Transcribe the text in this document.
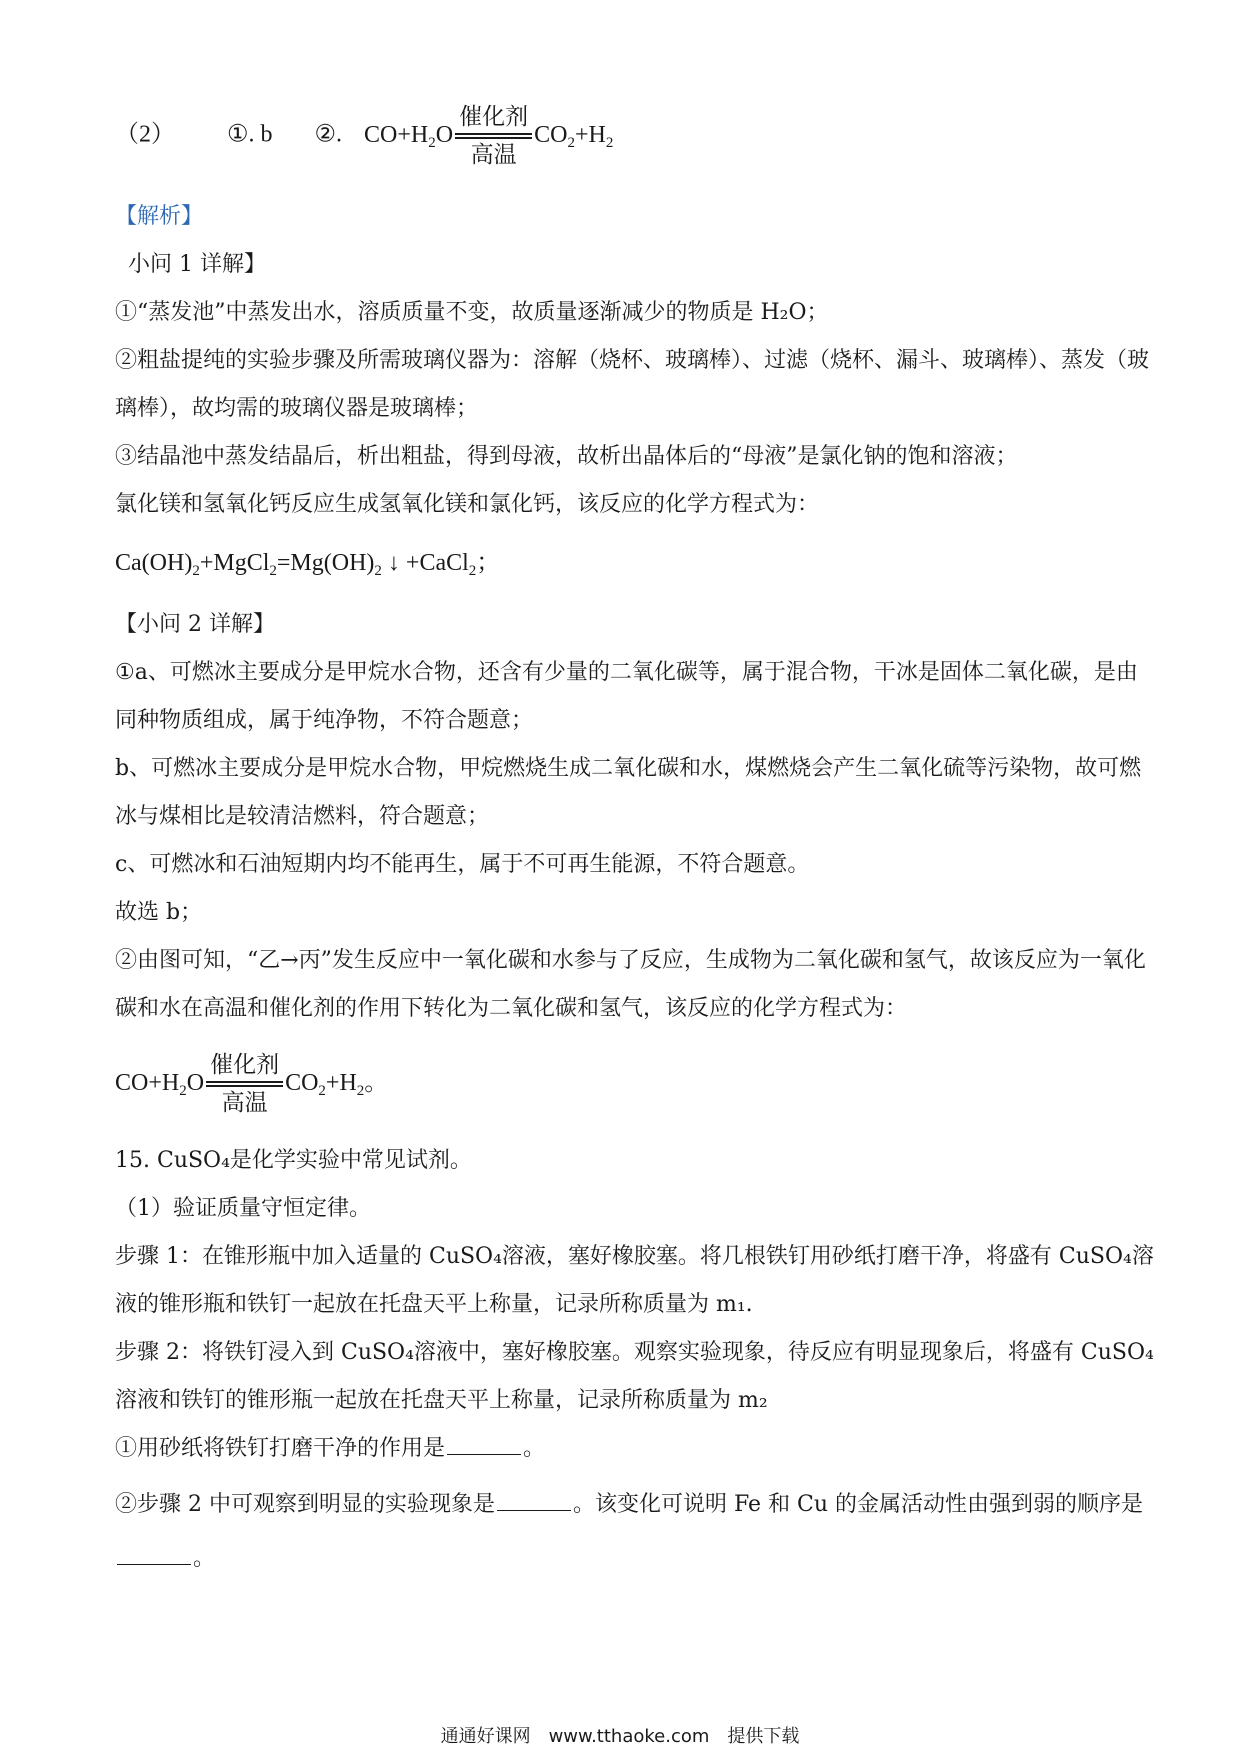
（2） ①. b ②. $CO+H_2O$
催化剂
高温
$CO_2+H_2$
【解析】
小问 1 详解】
①“蒸发池”中蒸发出水，溶质质量不变，故质量逐渐减少的物质是 H₂O；
②粗盐提纯的实验步骤及所需玻璃仪器为：溶解（烧杯、玻璃棒）、过滤（烧杯、漏斗、玻璃棒）、蒸发（玻
璃棒），故均需的玻璃仪器是玻璃棒；
③结晶池中蒸发结晶后，析出粗盐，得到母液，故析出晶体后的“母液”是氯化钠的饱和溶液；
氯化镁和氢氧化钙反应生成氢氧化镁和氯化钙，该反应的化学方程式为：
$Ca(OH)_2+MgCl_2=Mg(OH)_2$ ↓ +CaCl$_2$；
【小问 2 详解】
①a、可燃冰主要成分是甲烷水合物，还含有少量的二氧化碳等，属于混合物，干冰是固体二氧化碳，是由
同种物质组成，属于纯净物，不符合题意；
b、可燃冰主要成分是甲烷水合物，甲烷燃烧生成二氧化碳和水，煤燃烧会产生二氧化硫等污染物，故可燃
冰与煤相比是较清洁燃料，符合题意；
c、可燃冰和石油短期内均不能再生，属于不可再生能源，不符合题意。
故选 b；
②由图可知，“乙→丙”发生反应中一氧化碳和水参与了反应，生成物为二氧化碳和氢气，故该反应为一氧化
碳和水在高温和催化剂的作用下转化为二氧化碳和氢气，该反应的化学方程式为：
$CO+H_2O$
催化剂
高温
$CO_2+H_2$。
15. CuSO₄是化学实验中常见试剂。
（1）验证质量守恒定律。
步骤 1：在锥形瓶中加入适量的 CuSO₄溶液，塞好橡胶塞。将几根铁钉用砂纸打磨干净，将盛有 CuSO₄溶
液的锥形瓶和铁钉一起放在托盘天平上称量，记录所称质量为 m₁.
步骤 2：将铁钉浸入到 CuSO₄溶液中，塞好橡胶塞。观察实验现象，待反应有明显现象后，将盛有 CuSO₄
溶液和铁钉的锥形瓶一起放在托盘天平上称量，记录所称质量为 m₂
①用砂纸将铁钉打磨干净的作用是	。
②步骤 2 中可观察到明显的实验现象是	。该变化可说明 Fe 和 Cu 的金属活动性由强到弱的顺序是
。
通通好课网　www.tthaoke.com　提供下载
